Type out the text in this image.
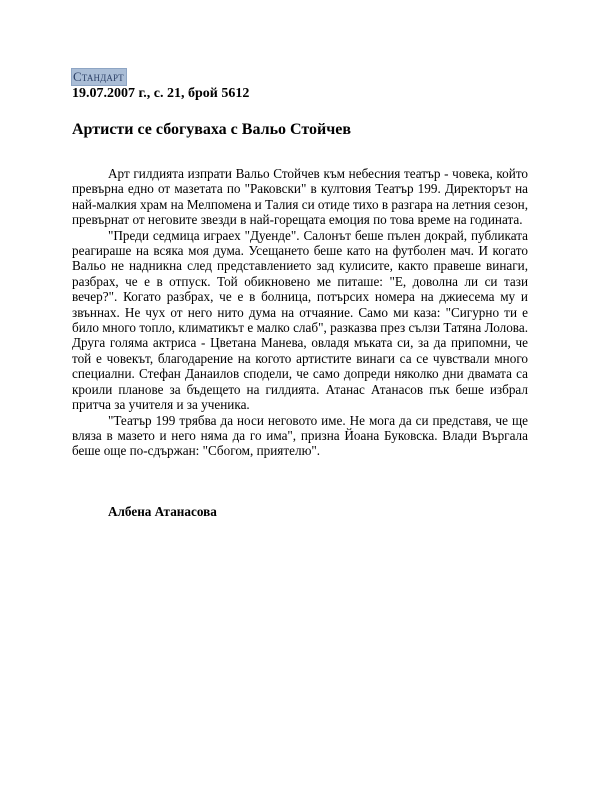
Стандарт
19.07.2007 г., с. 21, брой 5612
Артисти се сбогуваха с Вальо Стойчев

Арт гилдията изпрати Вальо Стойчев към небесния театър - човека, който превърна едно от мазетата по "Раковски" в култовия Театър 199. Директорът на най-малкия храм на Мелпомена и Талия си отиде тихо в разгара на летния сезон, превърнат от неговите звезди в най-горещата емоция по това време на годината.

"Преди седмица играех "Дуенде". Салонът беше пълен докрай, публиката реагираше на всяка моя дума. Усещането беше като на футболен мач. И когато Вальо не надникна след представлението зад кулисите, както правеше винаги, разбрах, че е в отпуск. Той обикновено ме питаше: "Е, доволна ли си тази вечер?". Когато разбрах, че е в болница, потърсих номера на джиесема му и звъннах. Не чух от него нито дума на отчаяние. Само ми каза: "Сигурно ти е било много топло, климатикът е малко слаб", разказва през сълзи Татяна Лолова. Друга голяма актриса - Цветана Манева, овладя мъката си, за да припомни, че той е човекът, благодарение на когото артистите винаги са се чувствали много специални. Стефан Данаилов сподели, че само допреди няколко дни двамата са кроили планове за бъдещето на гилдията. Атанас Атанасов пък беше избрал притча за учителя и за ученика.

"Театър 199 трябва да носи неговото име. Не мога да си представя, че ще вляза в мазето и него няма да го има", призна Йоана Буковска. Влади Въргала беше още по-сдържан: "Сбогом, приятелю".

Албена Атанасова
